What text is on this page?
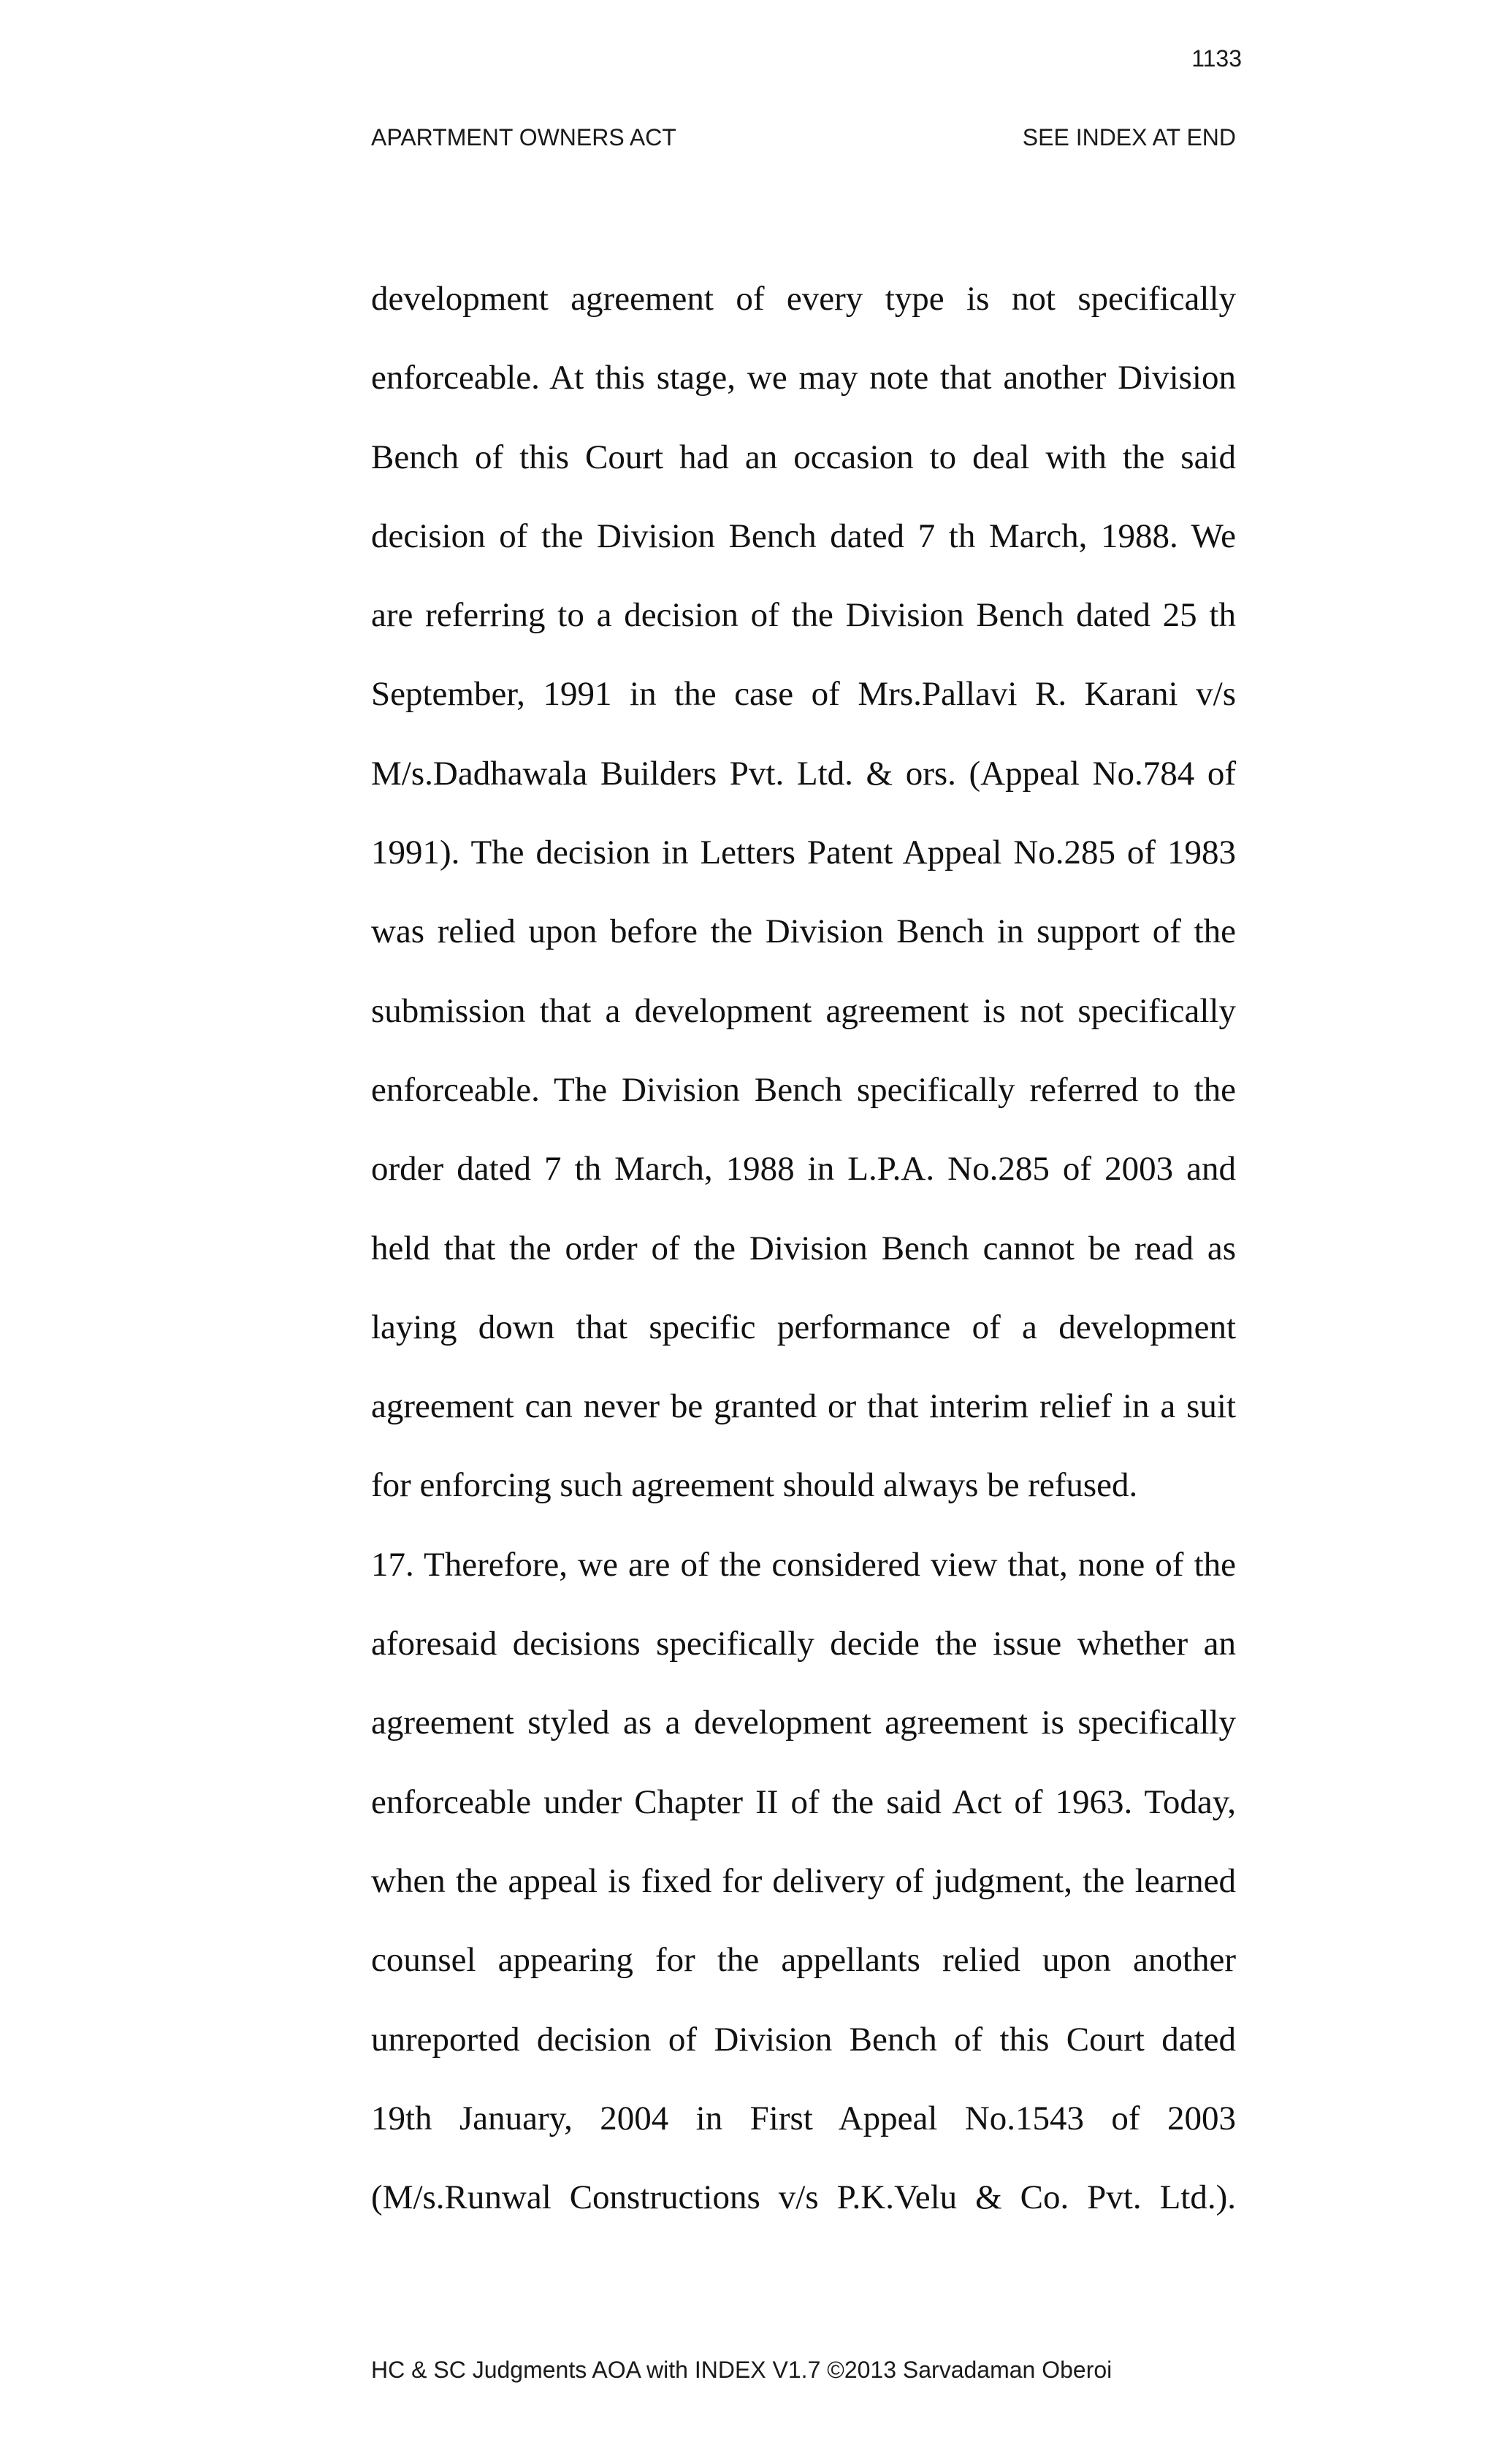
1133
APARTMENT OWNERS ACT	SEE INDEX AT END
development agreement of every type is not specifically
enforceable. At this stage, we may note that another Division
Bench of this Court had an occasion to deal with the said
decision of the Division Bench dated 7 th March, 1988. We
are referring to a decision of the Division Bench dated 25 th
September, 1991 in the case of Mrs.Pallavi R. Karani v/s
M/s.Dadhawala Builders Pvt. Ltd. & ors. (Appeal No.784 of
1991). The decision in Letters Patent Appeal No.285 of 1983
was relied upon before the Division Bench in support of the
submission that a development agreement is not specifically
enforceable. The Division Bench specifically referred to the
order dated 7 th March, 1988 in L.P.A. No.285 of 2003 and
held that the order of the Division Bench cannot be read as
laying down that specific performance of a development
agreement can never be granted or that interim relief in a suit
for enforcing such agreement should always be refused.
17. Therefore, we are of the considered view that, none of the
aforesaid decisions specifically decide the issue whether an
agreement styled as a development agreement is specifically
enforceable under Chapter II of the said Act of 1963. Today,
when the appeal is fixed for delivery of judgment, the learned
counsel appearing for the appellants relied upon another
unreported decision of Division Bench of this Court dated
19th January, 2004 in First Appeal No.1543 of 2003
(M/s.Runwal Constructions v/s P.K.Velu & Co. Pvt. Ltd.).
HC & SC Judgments AOA with INDEX V1.7 ©2013 Sarvadaman Oberoi
